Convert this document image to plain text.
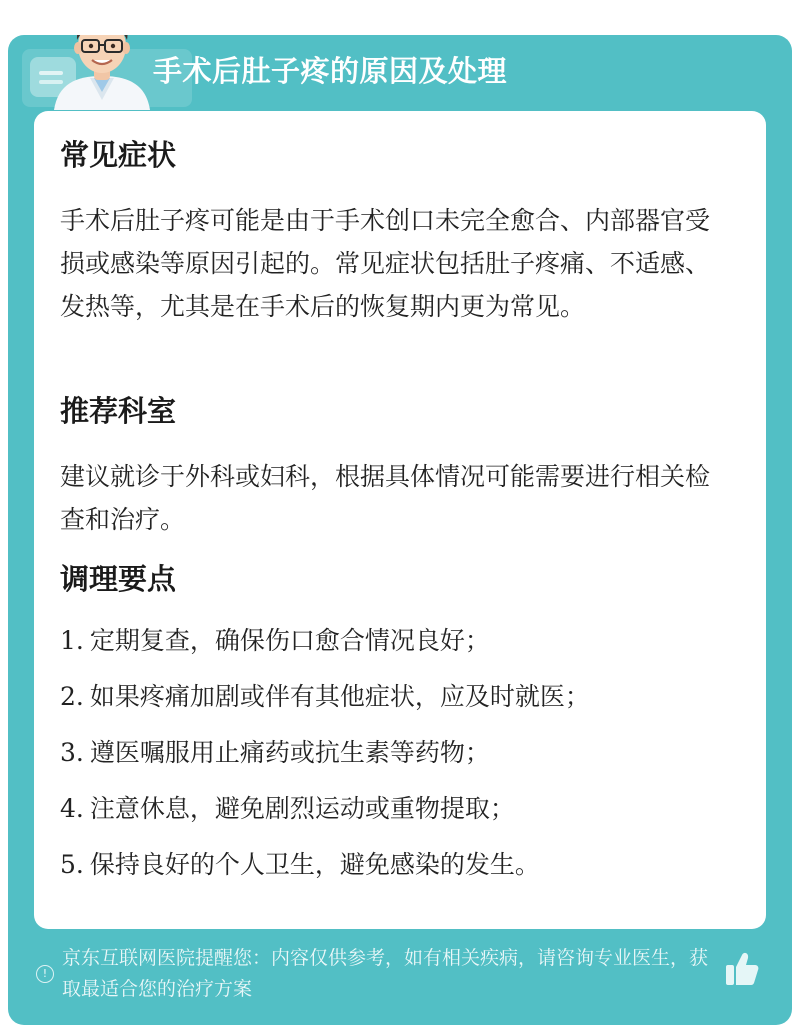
手术后肚子疼的原因及处理
常见症状
手术后肚子疼可能是由于手术创口未完全愈合、内部器官受损或感染等原因引起的。常见症状包括肚子疼痛、不适感、发热等，尤其是在手术后的恢复期内更为常见。
推荐科室
建议就诊于外科或妇科，根据具体情况可能需要进行相关检查和治疗。
调理要点
1. 定期复查，确保伤口愈合情况良好；
2. 如果疼痛加剧或伴有其他症状，应及时就医；
3. 遵医嘱服用止痛药或抗生素等药物；
4. 注意休息，避免剧烈运动或重物提取；
5. 保持良好的个人卫生，避免感染的发生。
!
京东互联网医院提醒您：内容仅供参考，如有相关疾病，请咨询专业医生，获取最适合您的治疗方案
